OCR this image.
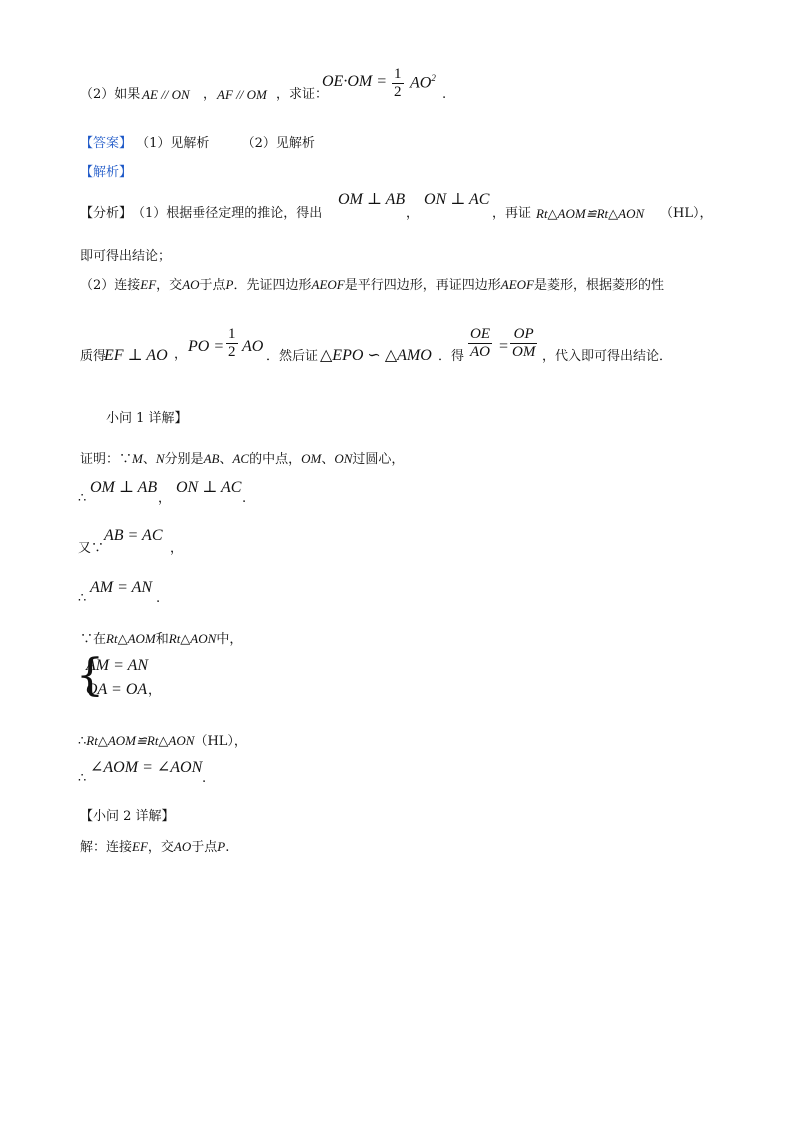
（2）如果 AE // ON ， AF // OM ，求证：
$OE\cdot OM = \frac{1}{2} AO^2$
.
【答案】 （1）见解析 （2）见解析
【解析】
【分析】 （1）根据垂径定理的推论，得出
OM ⊥ AB
，
ON ⊥ AC
，再证 Rt△AOM≌Rt△AON （HL），
即可得出结论；
（2）连接EF，交AO于点P．先证四边形AEOF是平行四边形，再证四边形AEOF是菱形，根据菱形的性
质得
EF ⊥ AO ， PO = $\frac{1}{2}$ AO
．然后证 △EPO ∽ △AMO ．得 $\frac{OE}{AO} = \frac{OP}{OM}$ ，代入即可得出结论．
小问 1 详解】
证明：∵M、N分别是AB、AC的中点，OM、ON过圆心，
∴
OM ⊥ AB
，
ON ⊥ AC
.
又∵
AB = AC
，
∴
AM = AN
.
∵在Rt△AOM和Rt△AON中，
{
AM = AN
OA = OA ，
∴Rt△AOM≌Rt△AON（HL），
∴
∠AOM = ∠AON
.
【小问 2 详解】
解：连接EF，交AO于点P.
